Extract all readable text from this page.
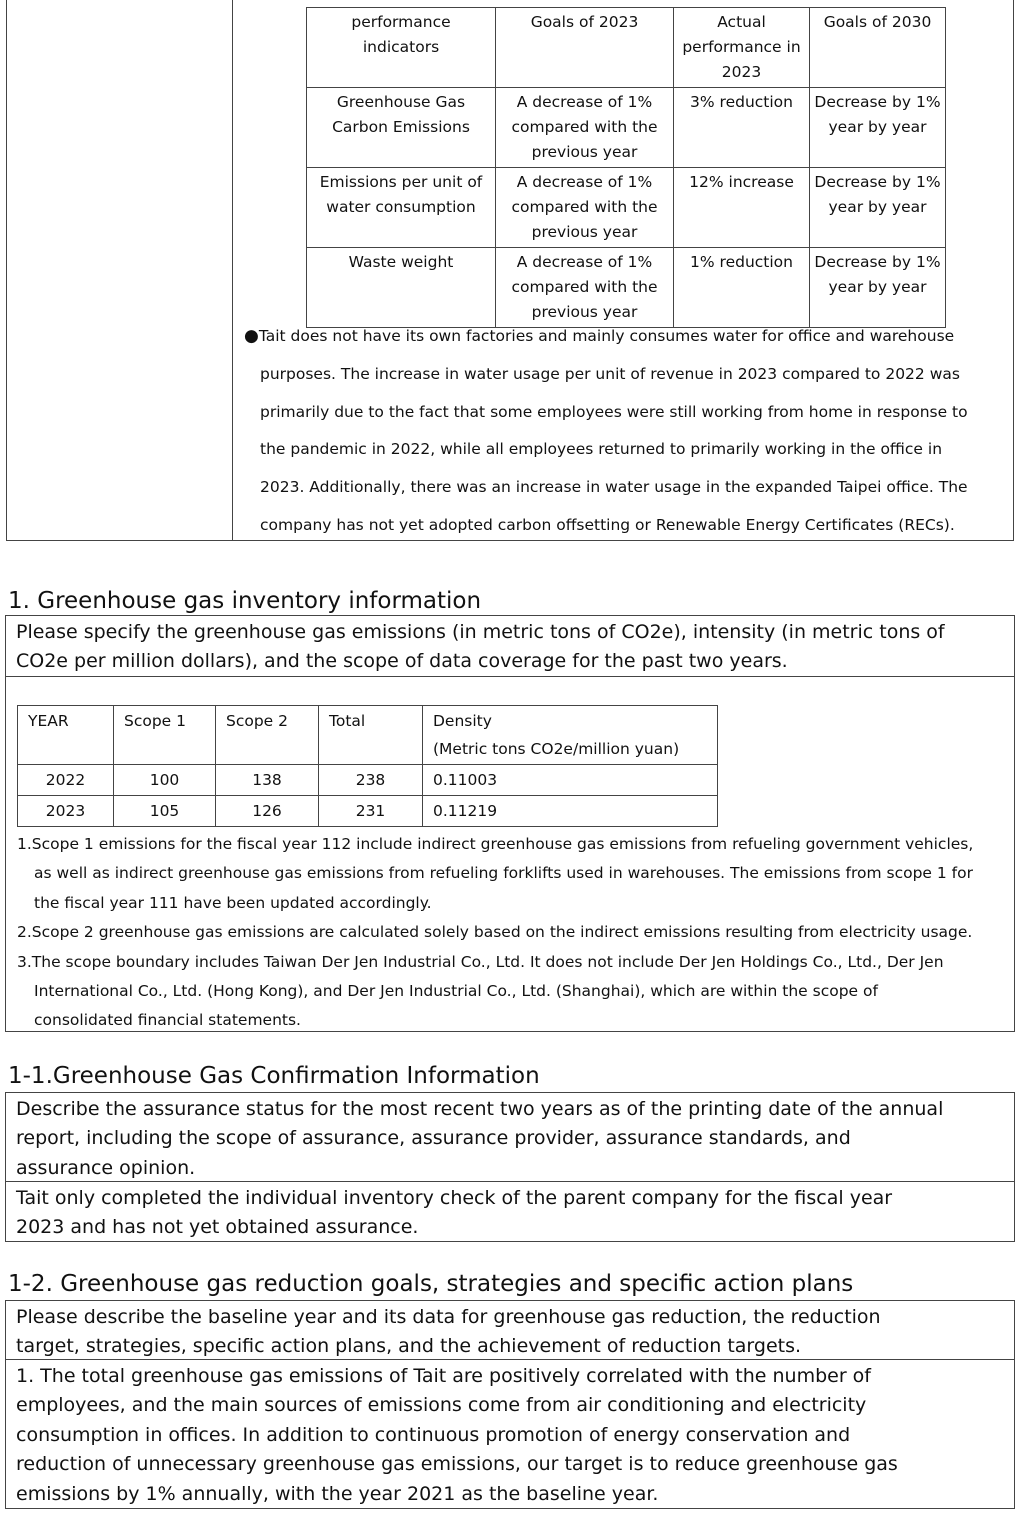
performance indicators	Goals of 2023	Actual performance in 2023	Goals of 2030
Greenhouse Gas Carbon Emissions	A decrease of 1% compared with the previous year	3% reduction	Decrease by 1% year by year
Emissions per unit of water consumption	A decrease of 1% compared with the previous year	12% increase	Decrease by 1% year by year
Waste weight	A decrease of 1% compared with the previous year	1% reduction	Decrease by 1% year by year
●Tait does not have its own factories and mainly consumes water for office and warehouse
purposes. The increase in water usage per unit of revenue in 2023 compared to 2022 was
primarily due to the fact that some employees were still working from home in response to
the pandemic in 2022, while all employees returned to primarily working in the office in
2023. Additionally, there was an increase in water usage in the expanded Taipei office. The
company has not yet adopted carbon offsetting or Renewable Energy Certificates (RECs).
1. Greenhouse gas inventory information
Please specify the greenhouse gas emissions (in metric tons of CO2e), intensity (in metric tons of
CO2e per million dollars), and the scope of data coverage for the past two years.
YEAR	Scope 1	Scope 2	Total	Density
(Metric tons CO2e/million yuan)
2022	100	138	238	0.11003
2023	105	126	231	0.11219
1.Scope 1 emissions for the fiscal year 112 include indirect greenhouse gas emissions from refueling government vehicles,
as well as indirect greenhouse gas emissions from refueling forklifts used in warehouses. The emissions from scope 1 for
the fiscal year 111 have been updated accordingly.
2.Scope 2 greenhouse gas emissions are calculated solely based on the indirect emissions resulting from electricity usage.
3.The scope boundary includes Taiwan Der Jen Industrial Co., Ltd. It does not include Der Jen Holdings Co., Ltd., Der Jen
International Co., Ltd. (Hong Kong), and Der Jen Industrial Co., Ltd. (Shanghai), which are within the scope of
consolidated financial statements.
1-1.Greenhouse Gas Confirmation Information
Describe the assurance status for the most recent two years as of the printing date of the annual
report, including the scope of assurance, assurance provider, assurance standards, and
assurance opinion.
Tait only completed the individual inventory check of the parent company for the fiscal year
2023 and has not yet obtained assurance.
1-2. Greenhouse gas reduction goals, strategies and specific action plans
Please describe the baseline year and its data for greenhouse gas reduction, the reduction
target, strategies, specific action plans, and the achievement of reduction targets.
1. The total greenhouse gas emissions of Tait are positively correlated with the number of
employees, and the main sources of emissions come from air conditioning and electricity
consumption in offices. In addition to continuous promotion of energy conservation and
reduction of unnecessary greenhouse gas emissions, our target is to reduce greenhouse gas
emissions by 1% annually, with the year 2021 as the baseline year.
